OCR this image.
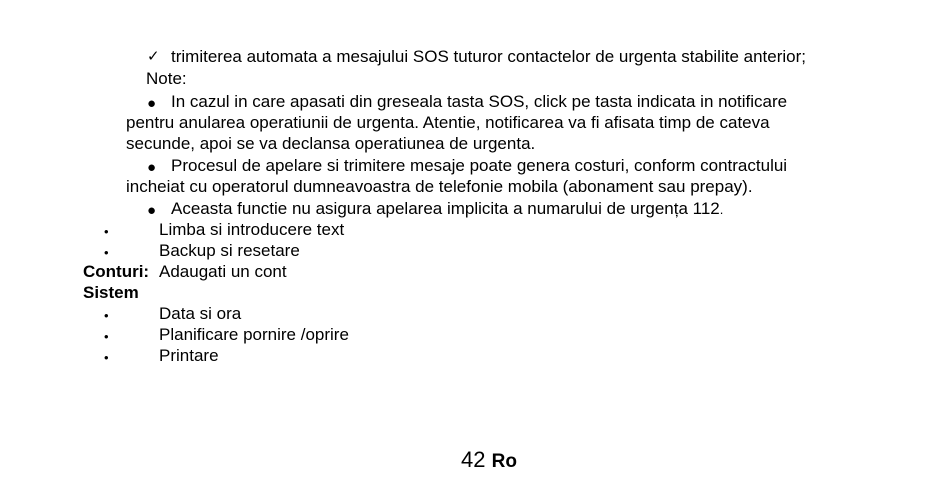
✓ trimiterea automata a mesajului SOS tuturor contactelor de urgenta stabilite anterior;
Note:
● In cazul in care apasati din greseala tasta SOS, click pe tasta indicata in notificare
pentru anularea operatiunii de urgenta. Atentie, notificarea va fi afisata timp de cateva
secunde, apoi se va declansa operatiunea de urgenta.
● Procesul de apelare si trimitere mesaje poate genera costuri, conform contractului
incheiat cu operatorul dumneavoastra de telefonie mobila (abonament sau prepay).
● Aceasta functie nu asigura apelarea implicita a numarului de urgența 112.
•	Limba si introducere text
•	Backup si resetare
Conturi: Adaugati un cont
Sistem
•	Data si ora
•	Planificare pornire /oprire
•	Printare
42 Ro
